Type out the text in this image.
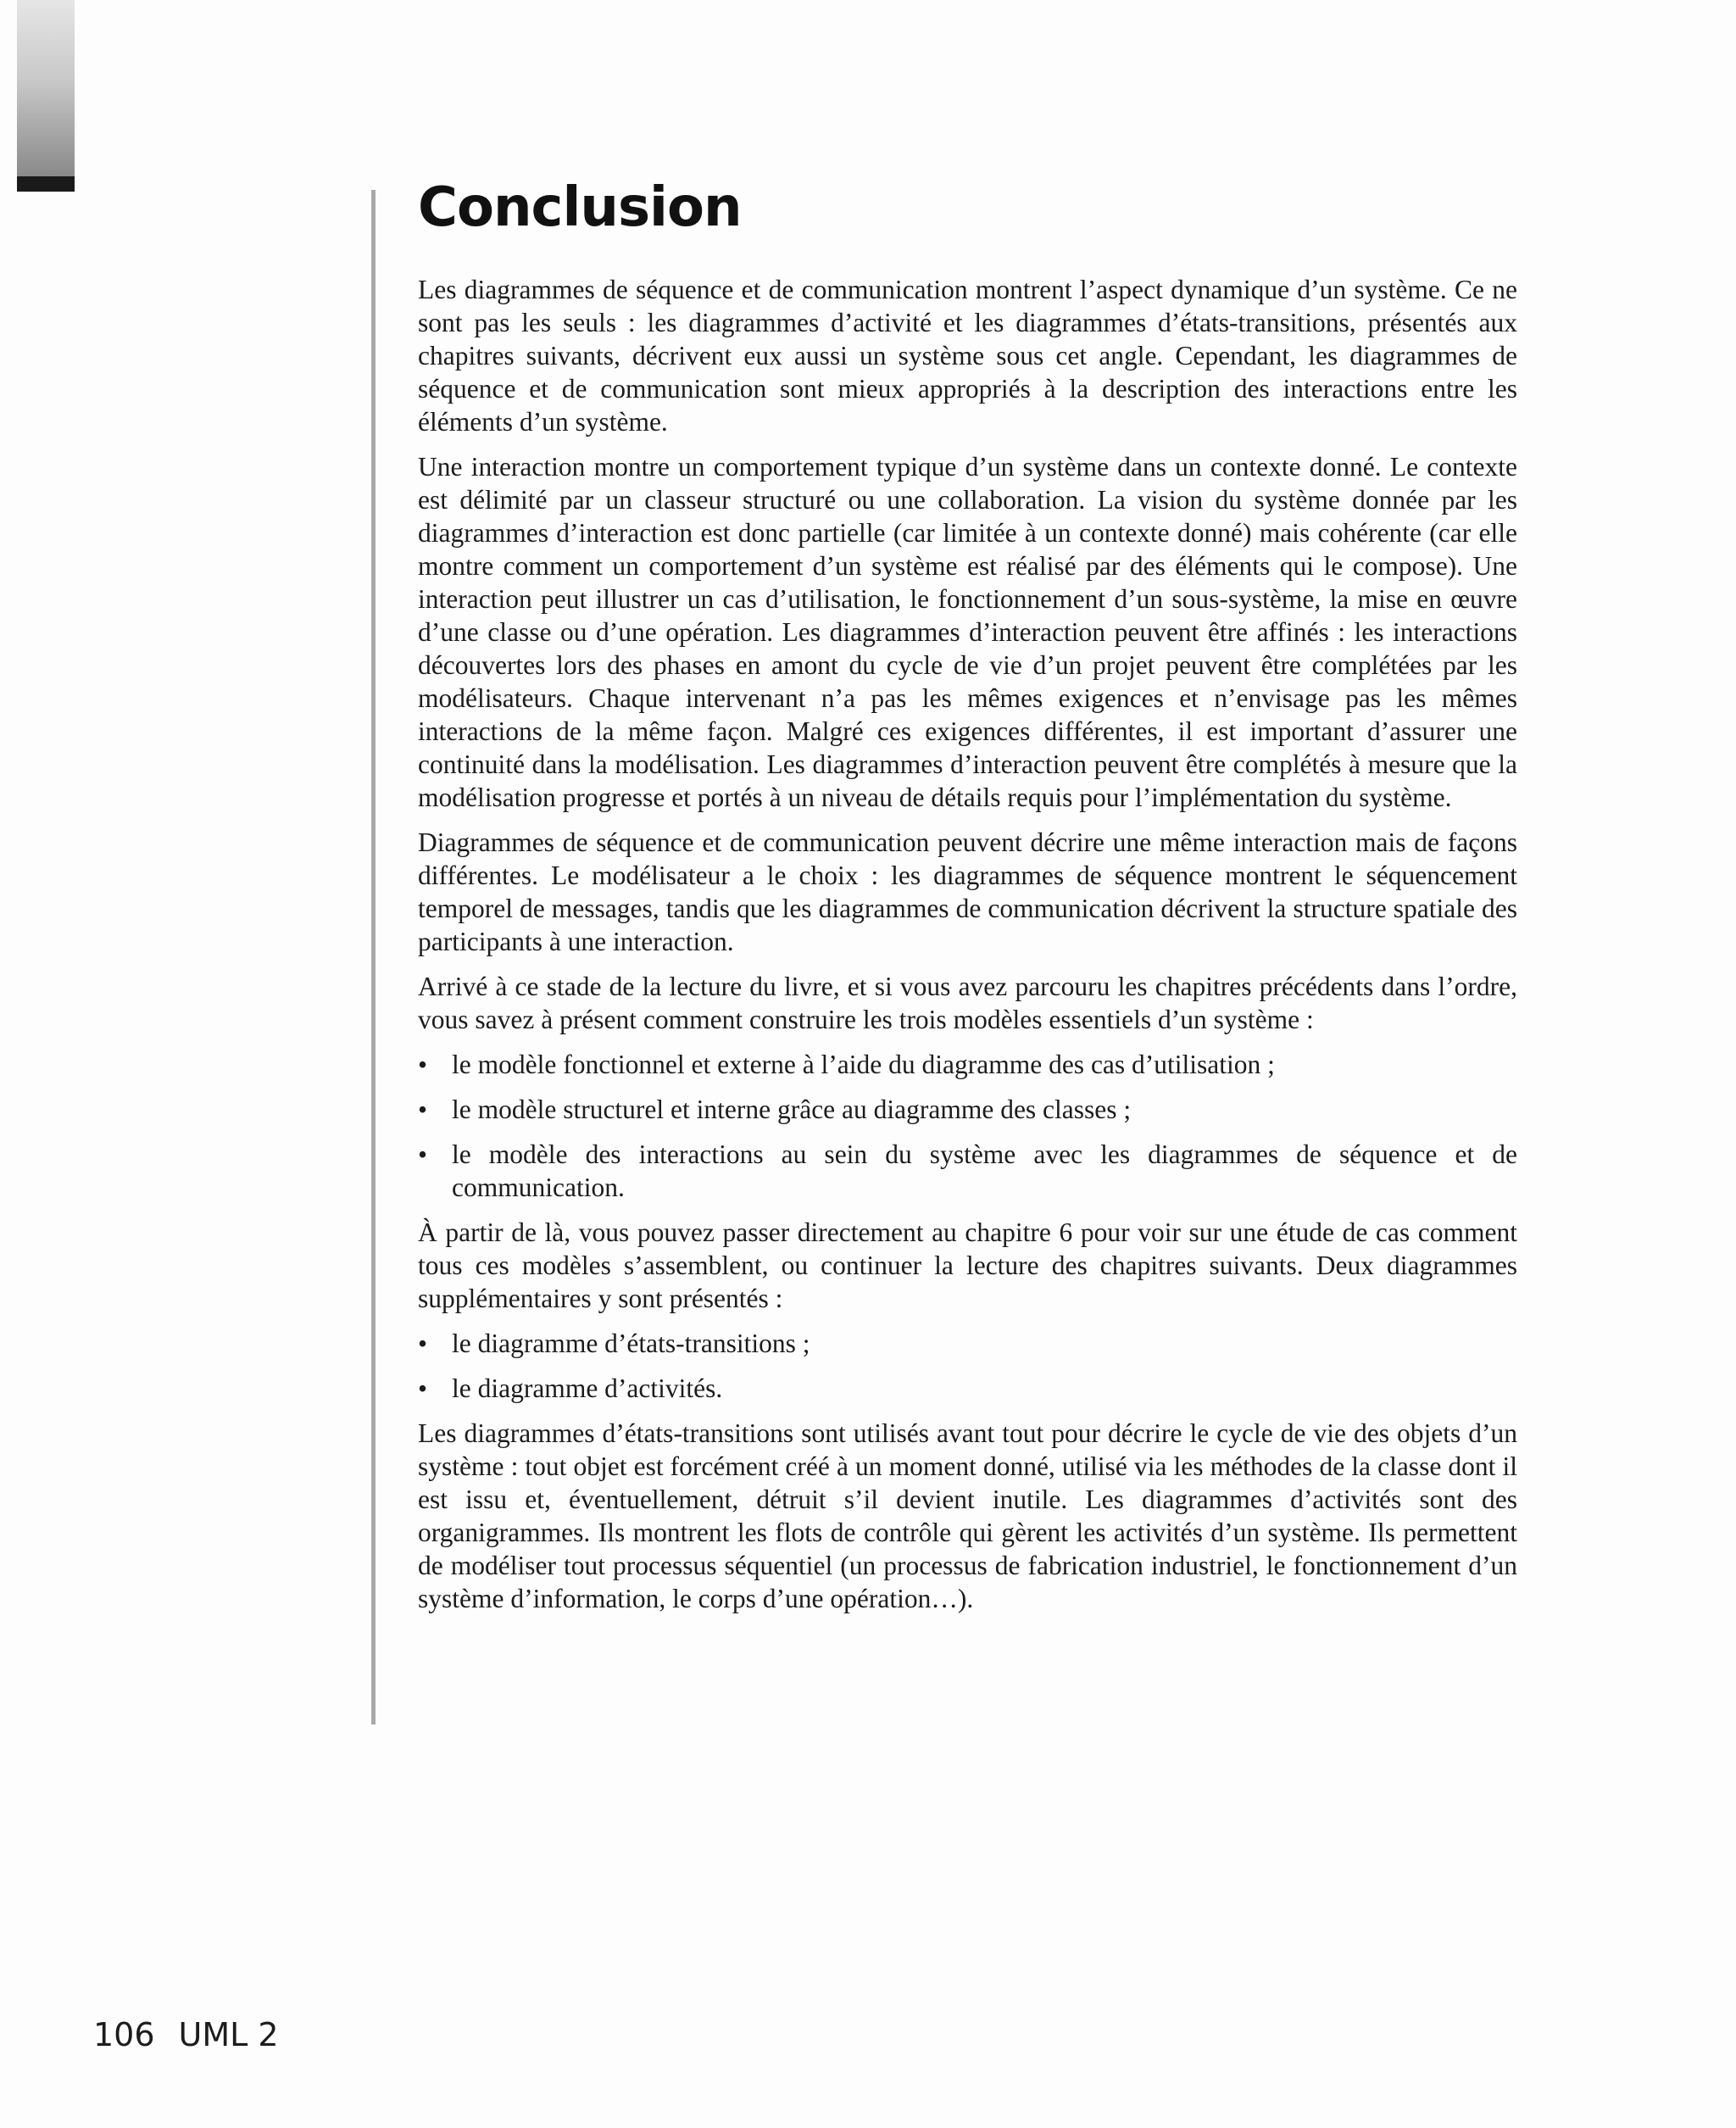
Conclusion

Les diagrammes de séquence et de communication montrent l’aspect dynamique d’un système. Ce ne sont pas les seuls : les diagrammes d’activité et les diagrammes d’états-transitions, présentés aux chapitres suivants, décrivent eux aussi un système sous cet angle. Cependant, les diagrammes de séquence et de communication sont mieux appropriés à la description des interactions entre les éléments d’un système.

Une interaction montre un comportement typique d’un système dans un contexte donné. Le contexte est délimité par un classeur structuré ou une collaboration. La vision du système donnée par les diagrammes d’interaction est donc partielle (car limitée à un contexte donné) mais cohérente (car elle montre comment un comportement d’un système est réalisé par des éléments qui le compose). Une interaction peut illustrer un cas d’utilisation, le fonctionnement d’un sous-système, la mise en œuvre d’une classe ou d’une opération. Les diagrammes d’interaction peuvent être affinés : les interactions découvertes lors des phases en amont du cycle de vie d’un projet peuvent être complétées par les modélisateurs. Chaque intervenant n’a pas les mêmes exigences et n’envisage pas les mêmes interactions de la même façon. Malgré ces exigences différentes, il est important d’assurer une continuité dans la modélisation. Les diagrammes d’interaction peuvent être complétés à mesure que la modélisation progresse et portés à un niveau de détails requis pour l’implémentation du système.

Diagrammes de séquence et de communication peuvent décrire une même interaction mais de façons différentes. Le modélisateur a le choix : les diagrammes de séquence montrent le séquencement temporel de messages, tandis que les diagrammes de communication décrivent la structure spatiale des participants à une interaction.

Arrivé à ce stade de la lecture du livre, et si vous avez parcouru les chapitres précédents dans l’ordre, vous savez à présent comment construire les trois modèles essentiels d’un système :

• le modèle fonctionnel et externe à l’aide du diagramme des cas d’utilisation ;
• le modèle structurel et interne grâce au diagramme des classes ;
• le modèle des interactions au sein du système avec les diagrammes de séquence et de communication.

À partir de là, vous pouvez passer directement au chapitre 6 pour voir sur une étude de cas comment tous ces modèles s’assemblent, ou continuer la lecture des chapitres suivants. Deux diagrammes supplémentaires y sont présentés :

• le diagramme d’états-transitions ;
• le diagramme d’activités.

Les diagrammes d’états-transitions sont utilisés avant tout pour décrire le cycle de vie des objets d’un système : tout objet est forcément créé à un moment donné, utilisé via les méthodes de la classe dont il est issu et, éventuellement, détruit s’il devient inutile. Les diagrammes d’activités sont des organigrammes. Ils montrent les flots de contrôle qui gèrent les activités d’un système. Ils permettent de modéliser tout processus séquentiel (un processus de fabrication industriel, le fonctionnement d’un système d’information, le corps d’une opération…).

106 UML 2
